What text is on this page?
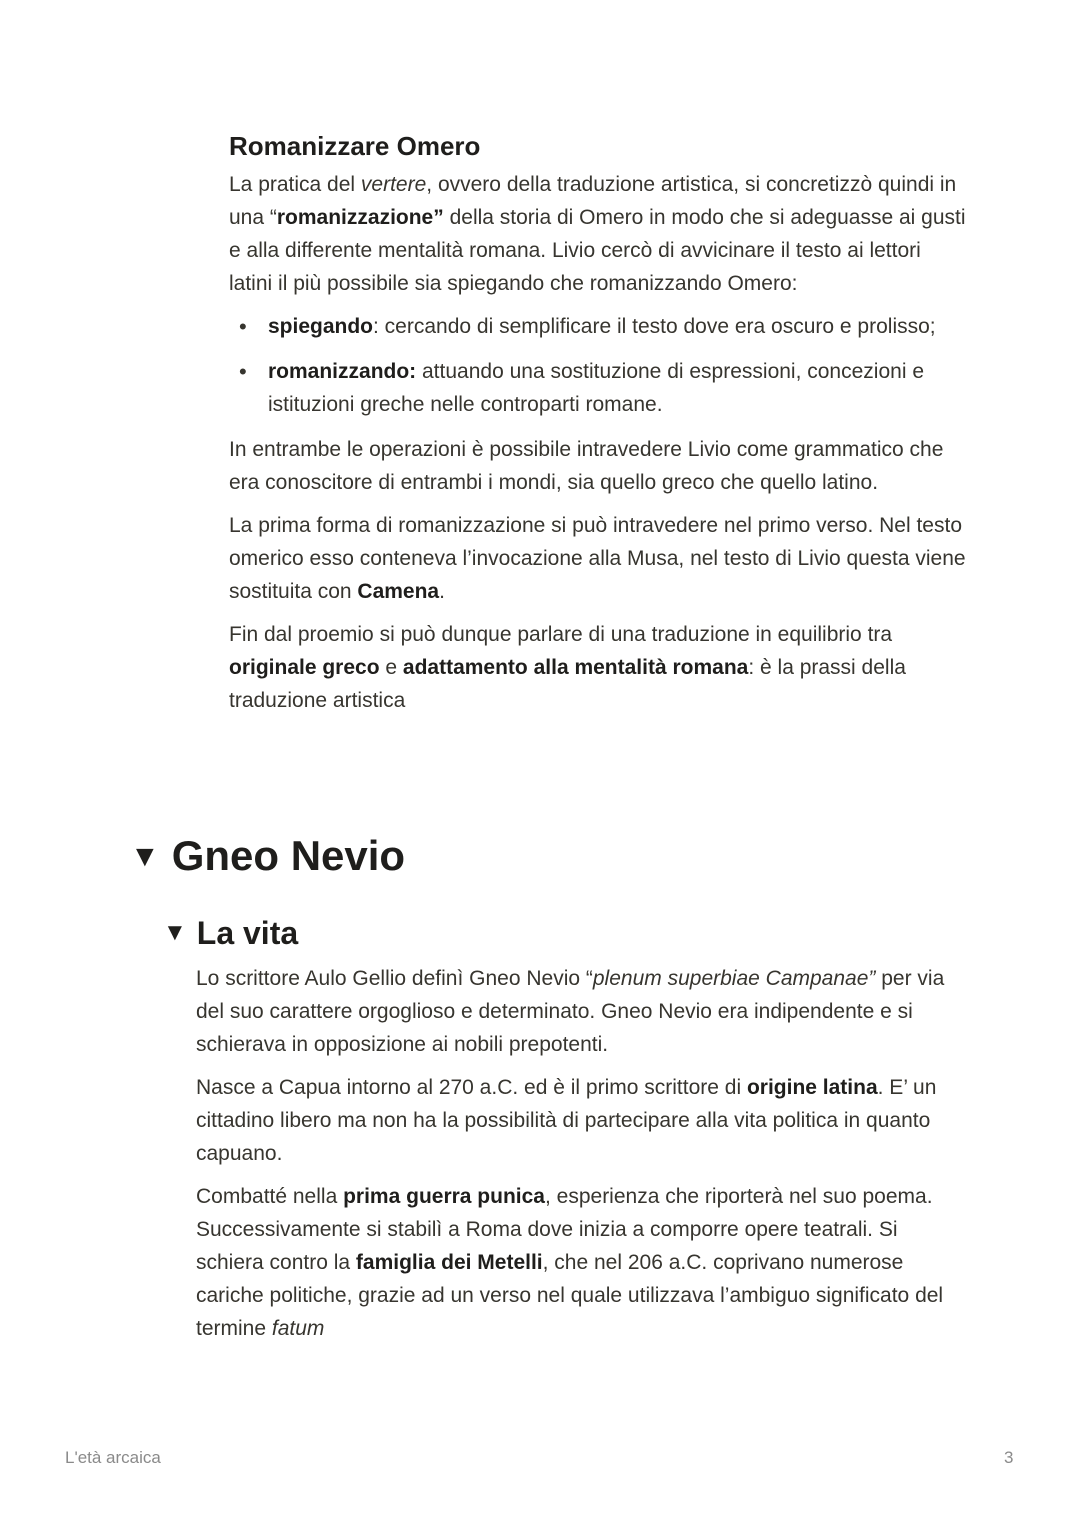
Romanizzare Omero

La pratica del vertere, ovvero della traduzione artistica, si concretizzò quindi in una “romanizzazione” della storia di Omero in modo che si adeguasse ai gusti e alla differente mentalità romana. Livio cercò di avvicinare il testo ai lettori latini il più possibile sia spiegando che romanizzando Omero:

• spiegando: cercando di semplificare il testo dove era oscuro e prolisso;
• romanizzando: attuando una sostituzione di espressioni, concezioni e istituzioni greche nelle controparti romane.

In entrambe le operazioni è possibile intravedere Livio come grammatico che era conoscitore di entrambi i mondi, sia quello greco che quello latino.

La prima forma di romanizzazione si può intravedere nel primo verso. Nel testo omerico esso conteneva l’invocazione alla Musa, nel testo di Livio questa viene sostituita con Camena.

Fin dal proemio si può dunque parlare di una traduzione in equilibrio tra originale greco e adattamento alla mentalità romana: è la prassi della traduzione artistica

▼ Gneo Nevio
▼ La vita

Lo scrittore Aulo Gellio definì Gneo Nevio “plenum superbiae Campanae” per via del suo carattere orgoglioso e determinato. Gneo Nevio era indipendente e si schierava in opposizione ai nobili prepotenti.

Nasce a Capua intorno al 270 a.C. ed è il primo scrittore di origine latina. E’ un cittadino libero ma non ha la possibilità di partecipare alla vita politica in quanto capuano.

Combatté nella prima guerra punica, esperienza che riporterà nel suo poema. Successivamente si stabilì a Roma dove inizia a comporre opere teatrali. Si schiera contro la famiglia dei Metelli, che nel 206 a.C. coprivano numerose cariche politiche, grazie ad un verso nel quale utilizzava l’ambiguo significato del termine fatum

L'età arcaica	3
